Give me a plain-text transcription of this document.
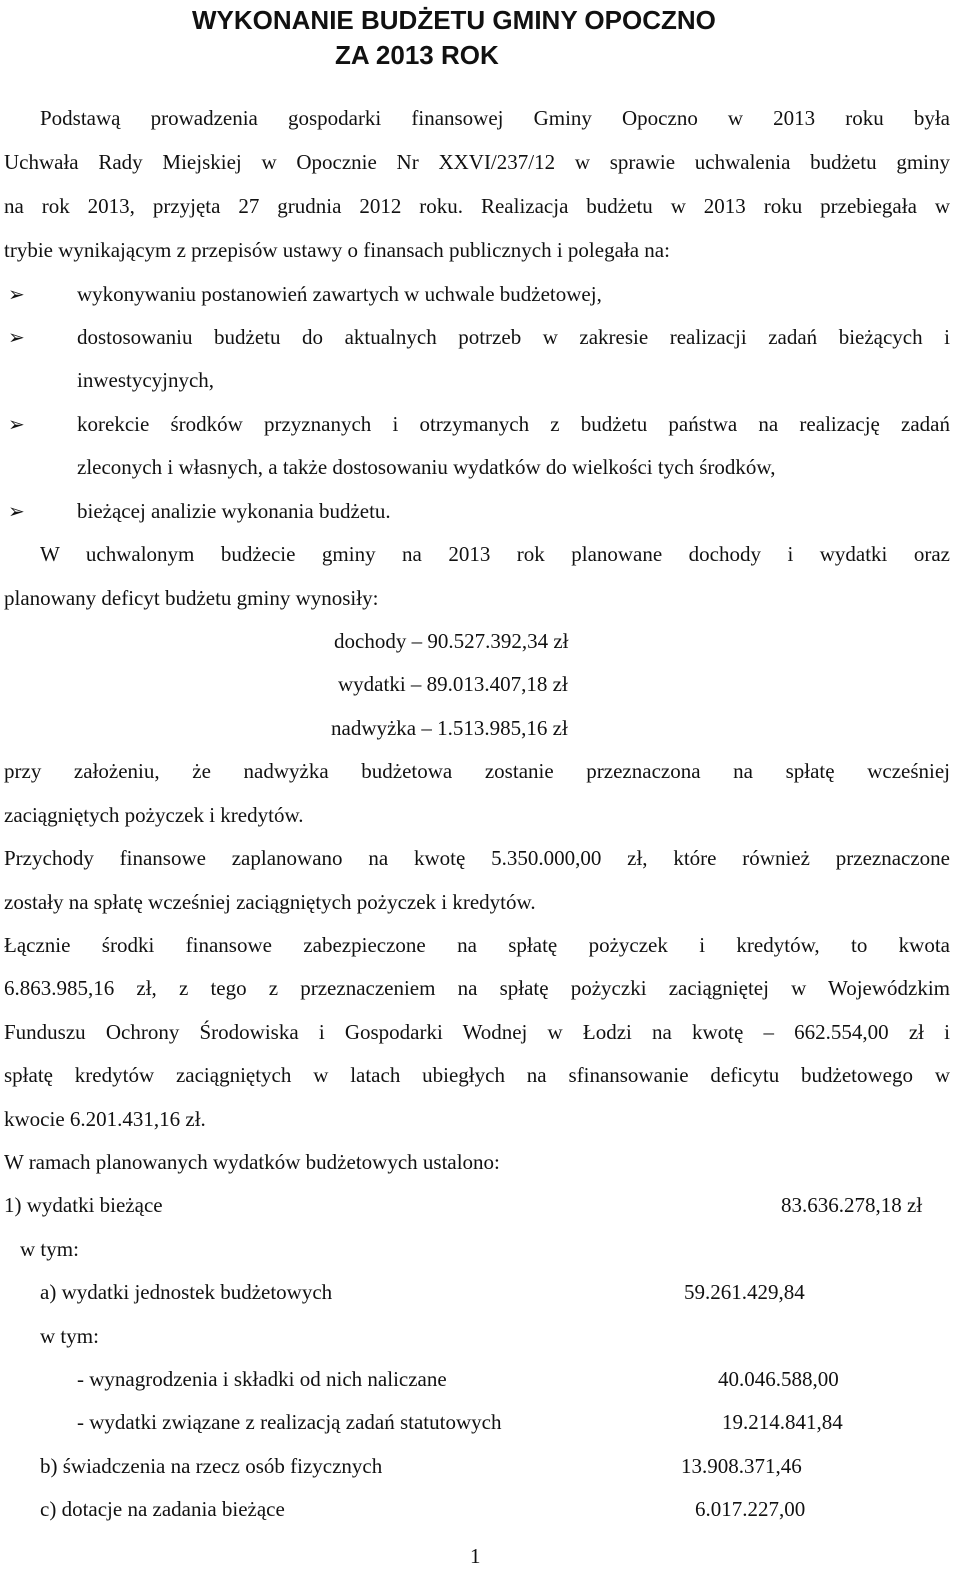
WYKONANIE BUDŻETU GMINY OPOCZNO
ZA 2013 ROK
Podstawą prowadzenia gospodarki finansowej Gminy Opoczno w 2013 roku była
Uchwała Rady Miejskiej w Opocznie Nr XXVI/237/12 w sprawie uchwalenia budżetu gminy
na rok 2013, przyjęta 27 grudnia 2012 roku. Realizacja budżetu w 2013 roku przebiegała w
trybie wynikającym z przepisów ustawy o finansach publicznych i polegała na:
➢ wykonywaniu postanowień zawartych w uchwale budżetowej,
➢ dostosowaniu budżetu do aktualnych potrzeb w zakresie realizacji zadań bieżących i
inwestycyjnych,
➢ korekcie środków przyznanych i otrzymanych z budżetu państwa na realizację zadań
zleconych i własnych, a także dostosowaniu wydatków do wielkości tych środków,
➢ bieżącej analizie wykonania budżetu.
W uchwalonym budżecie gminy na 2013 rok planowane dochody i wydatki oraz
planowany deficyt budżetu gminy wynosiły:
dochody – 90.527.392,34 zł
wydatki – 89.013.407,18 zł
nadwyżka – 1.513.985,16 zł
przy założeniu, że nadwyżka budżetowa zostanie przeznaczona na spłatę wcześniej
zaciągniętych pożyczek i kredytów.
Przychody finansowe zaplanowano na kwotę 5.350.000,00 zł, które również przeznaczone
zostały na spłatę wcześniej zaciągniętych pożyczek i kredytów.
Łącznie środki finansowe zabezpieczone na spłatę pożyczek i kredytów, to kwota
6.863.985,16 zł, z tego z przeznaczeniem na spłatę pożyczki zaciągniętej w Wojewódzkim
Funduszu Ochrony Środowiska i Gospodarki Wodnej w Łodzi na kwotę – 662.554,00 zł i
spłatę kredytów zaciągniętych w latach ubiegłych na sfinansowanie deficytu budżetowego w
kwocie 6.201.431,16 zł.
W ramach planowanych wydatków budżetowych ustalono:
1) wydatki bieżące	83.636.278,18 zł
w tym:
a) wydatki jednostek budżetowych	59.261.429,84
w tym:
- wynagrodzenia i składki od nich naliczane	40.046.588,00
- wydatki związane z realizacją zadań statutowych	19.214.841,84
b) świadczenia na rzecz osób fizycznych	13.908.371,46
c) dotacje na zadania bieżące	6.017.227,00
1
